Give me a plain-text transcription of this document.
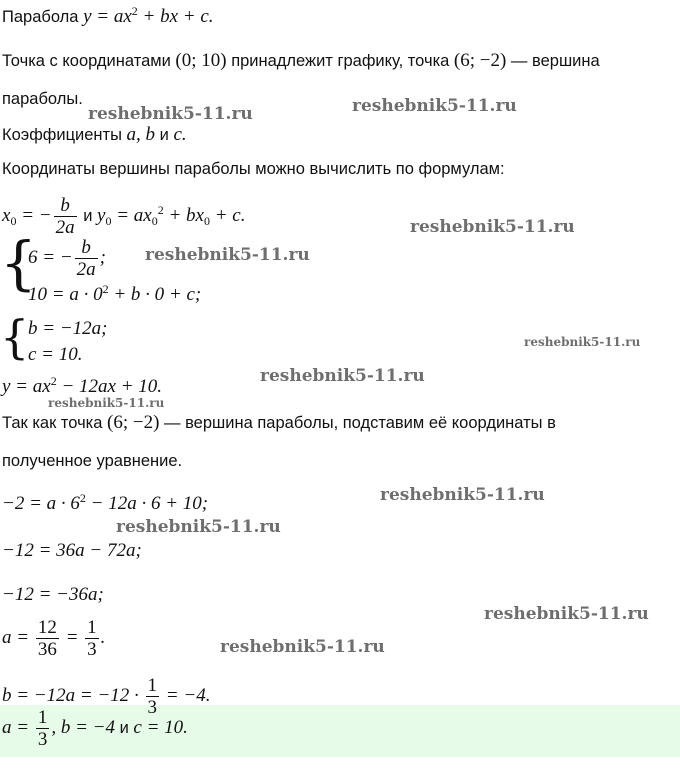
Парабола $y = ax^2$ + bx + c.
Точка с координатами (0; 10) принадлежит графику, точка (6; −2) — вершина
параболы.
Коэффициенты a, b и c.
Координаты вершины параболы можно вычислить по формулам:
$x_0$ = − $\frac{b}{2a}$ и $y_0 = ax_0^2 + bx_0 + c$.
{
6 = − $\frac{b}{2a}$ ;
$10 = a \cdot 0^2 + b \cdot 0 + c$;
{
b = −12a;
c = 10.
$y = ax^2 - 12ax + 10$.
Так как точка (6; −2) — вершина параболы, подставим её координаты в
полученное уравнение.
$-2 = a \cdot 6^2 - 12a \cdot 6 + 10$;
−12 = 36a − 72a;
−12 = −36a;
$a = \frac{12}{36} = \frac{1}{3}$ .
$b = -12a = -12 \cdot \frac{1}{3} = -4$.
$a = \frac{1}{3}$ , b = −4 и c = 10.
reshebnik5-11.ru	reshebnik5-11.ru
reshebnik5-11.ru
reshebnik5-11.ru
reshebnik5-11.ru
reshebnik5-11.ru
reshebnik5-11.ru
reshebnik5-11.ru
reshebnik5-11.ru
reshebnik5-11.ru
reshebnik5-11.ru
